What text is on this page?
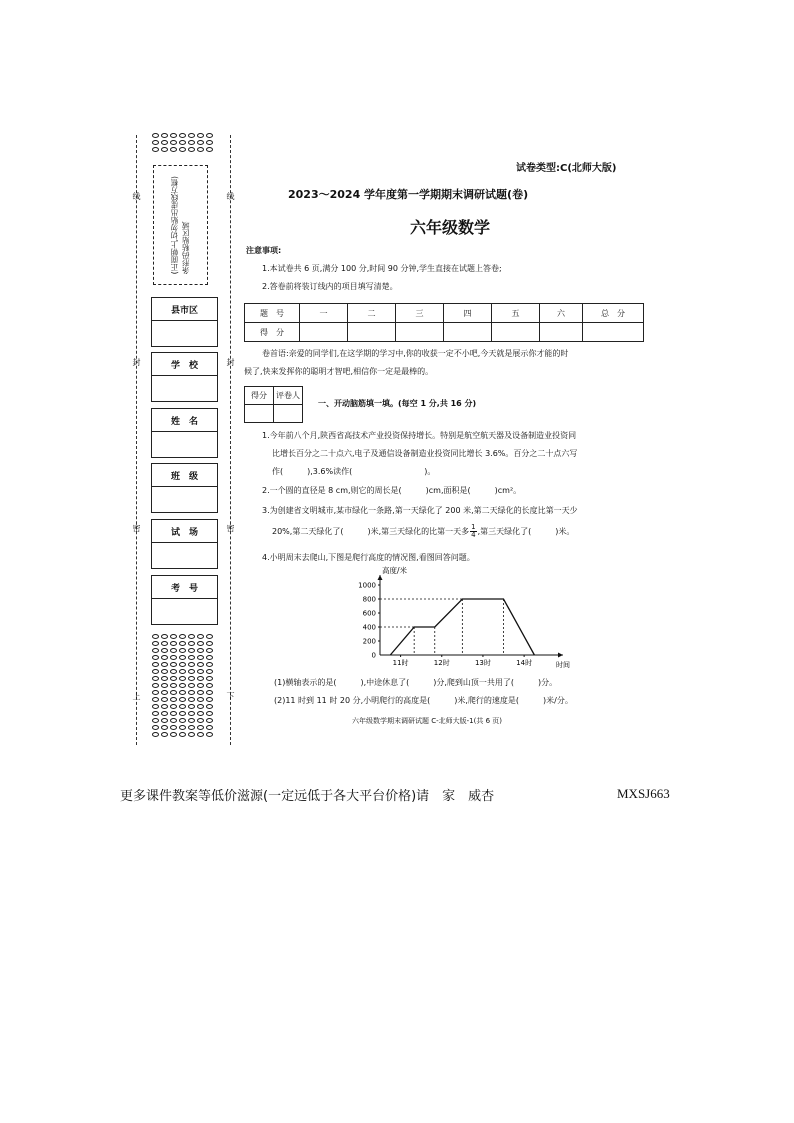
线
封
密
上
线
封
密
下
(正面朝上,切勿贴出虚线方框)
条形码粘贴区域
县市区
学　校
姓　名
班　级
试　场
考　号
试卷类型:C(北师大版)
2023～2024 学年度第一学期期末调研试题(卷)
六年级数学
注意事项:
1.本试卷共 6 页,满分 100 分,时间 90 分钟,学生直接在试题上答卷;
2.答卷前将装订线内的项目填写清楚。
题　号	一	二	三	四	五	六	总　分
得　分							
卷首语:亲爱的同学们,在这学期的学习中,你的收获一定不小吧,今天就是展示你才能的时
候了,快来发挥你的聪明才智吧,相信你一定是最棒的。
得分	评卷人

一、开动脑筋填一填。(每空 1 分,共 16 分)
1.今年前八个月,陕西省高技术产业投资保持增长。特别是航空航天器及设备制造业投资同
比增长百分之二十点六,电子及通信设备制造业投资同比增长 3.6%。百分之二十点六写
作(　　　),3.6%读作(　　　　　　　　　)。
2.一个圆的直径是 8 cm,则它的周长是(　　　)cm,面积是(　　　)cm²。
3.为创建省文明城市,某市绿化一条路,第一天绿化了 200 米,第二天绿化的长度比第一天少
20%,第二天绿化了(　　　)米,第三天绿化的比第一天多 $\frac{1}{4}$ ,第三天绿化了(　　　)米。
4.小明周末去爬山,下图是爬行高度的情况图,看图回答问题。
0
200
400
600
800
1000
11时	12时	13时	14时
高度/米
时间
(1)横轴表示的是(　　　),中途休息了(　　　)分,爬到山顶一共用了(　　　)分。
(2)11 时到 11 时 20 分,小明爬行的高度是(　　　)米,爬行的速度是(　　　)米/分。
六年级数学期末调研试题 C-北师大版-1(共 6 页)
更多课件教案等低价滋源(一定远低于各大平台价格)请　家　威杏	MXSJ663
